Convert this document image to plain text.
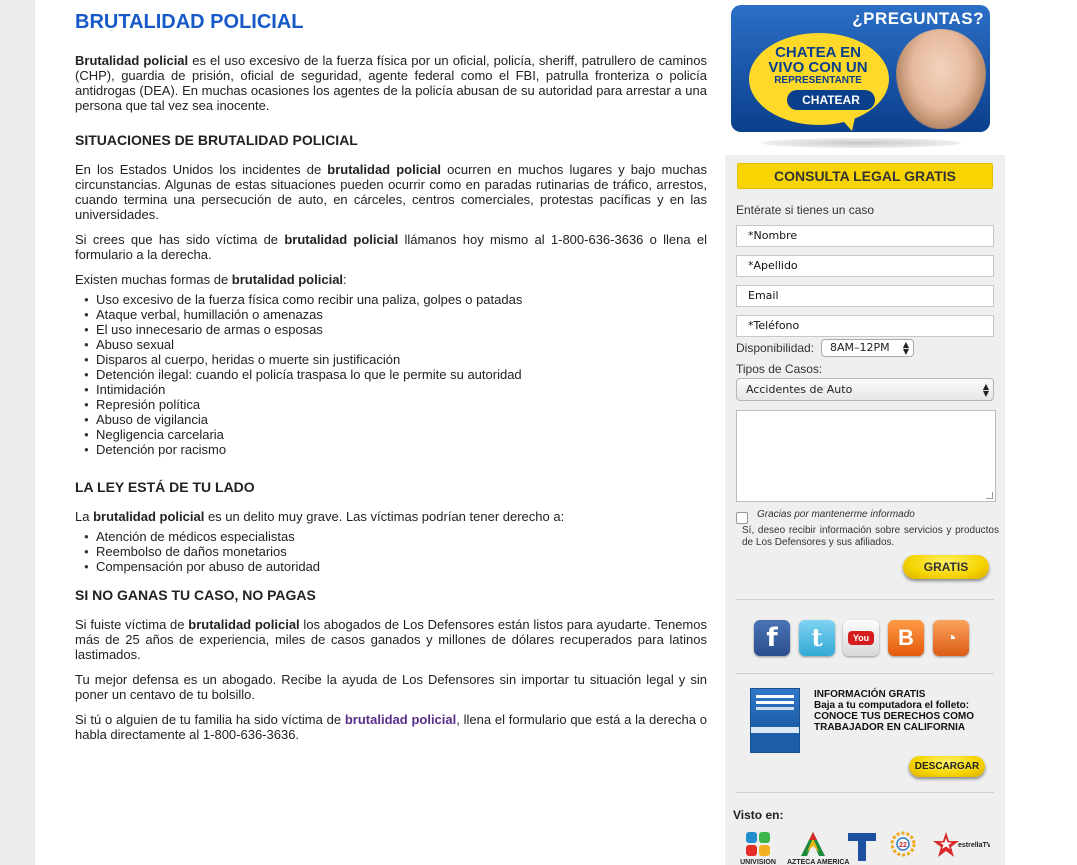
BRUTALIDAD POLICIAL

Brutalidad policial es el uso excesivo de la fuerza física por un oficial, policía, sheriff, patrullero de caminos (CHP), guardia de prisión, oficial de seguridad, agente federal como el FBI, patrulla fronteriza o policía antidrogas (DEA). En muchas ocasiones los agentes de la policía abusan de su autoridad para arrestar a una persona que tal vez sea inocente.

SITUACIONES DE BRUTALIDAD POLICIAL

En los Estados Unidos los incidentes de brutalidad policial ocurren en muchos lugares y bajo muchas circunstancias. Algunas de estas situaciones pueden ocurrir como en paradas rutinarias de tráfico, arrestos, cuando termina una persecución de auto, en cárceles, centros comerciales, protestas pacíficas y en las universidades.

Si crees que has sido víctima de brutalidad policial llámanos hoy mismo al 1-800-636-3636 o llena el formulario a la derecha.

Existen muchas formas de brutalidad policial:

● Uso excesivo de la fuerza física como recibir una paliza, golpes o patadas
● Ataque verbal, humillación o amenazas
● El uso innecesario de armas o esposas
● Abuso sexual
● Disparos al cuerpo, heridas o muerte sin justificación
● Detención ilegal: cuando el policía traspasa lo que le permite su autoridad
● Intimidación
● Represión política
● Abuso de vigilancia
● Negligencia carcelaria
● Detención por racismo
LA LEY ESTÁ DE TU LADO

La brutalidad policial es un delito muy grave. Las víctimas podrían tener derecho a:

● Atención de médicos especialistas
● Reembolso de daños monetarios
● Compensación por abuso de autoridad
SI NO GANAS TU CASO, NO PAGAS

Si fuiste víctima de brutalidad policial los abogados de Los Defensores están listos para ayudarte. Tenemos más de 25 años de experiencia, miles de casos ganados y millones de dólares recuperados para latinos lastimados.

Tu mejor defensa es un abogado. Recibe la ayuda de Los Defensores sin importar tu situación legal y sin poner un centavo de tu bolsillo.

Si tú o alguien de tu familia ha sido víctima de brutalidad policial, llena el formulario que está a la derecha o habla directamente al 1-800-636-3636.

¿PREGUNTAS?
CHATEA EN
VIVO CON UN
REPRESENTANTE
CHATEAR
CONSULTA LEGAL GRATIS
Entérate si tienes un caso
*Nombre
*Apellido
Email
*Teléfono
Disponibilidad:	8AM–12PM ▲
▼
Tipos de Casos:
Accidentes de Auto	▲
▼
Gracias por mantenerme informado
Sí, deseo recibir información sobre servicios y productos de Los Defensores y sus afiliados.
GRATIS
f	t	You	B	◔
INFORMACIÓN GRATIS
Baja a tu computadora el folleto:
CONOCE TUS DERECHOS COMO TRABAJADOR EN CALIFORNIA
DESCARGAR
Visto en:
UNIVISION	AZTECA AMERICA
22	estrellaTV
